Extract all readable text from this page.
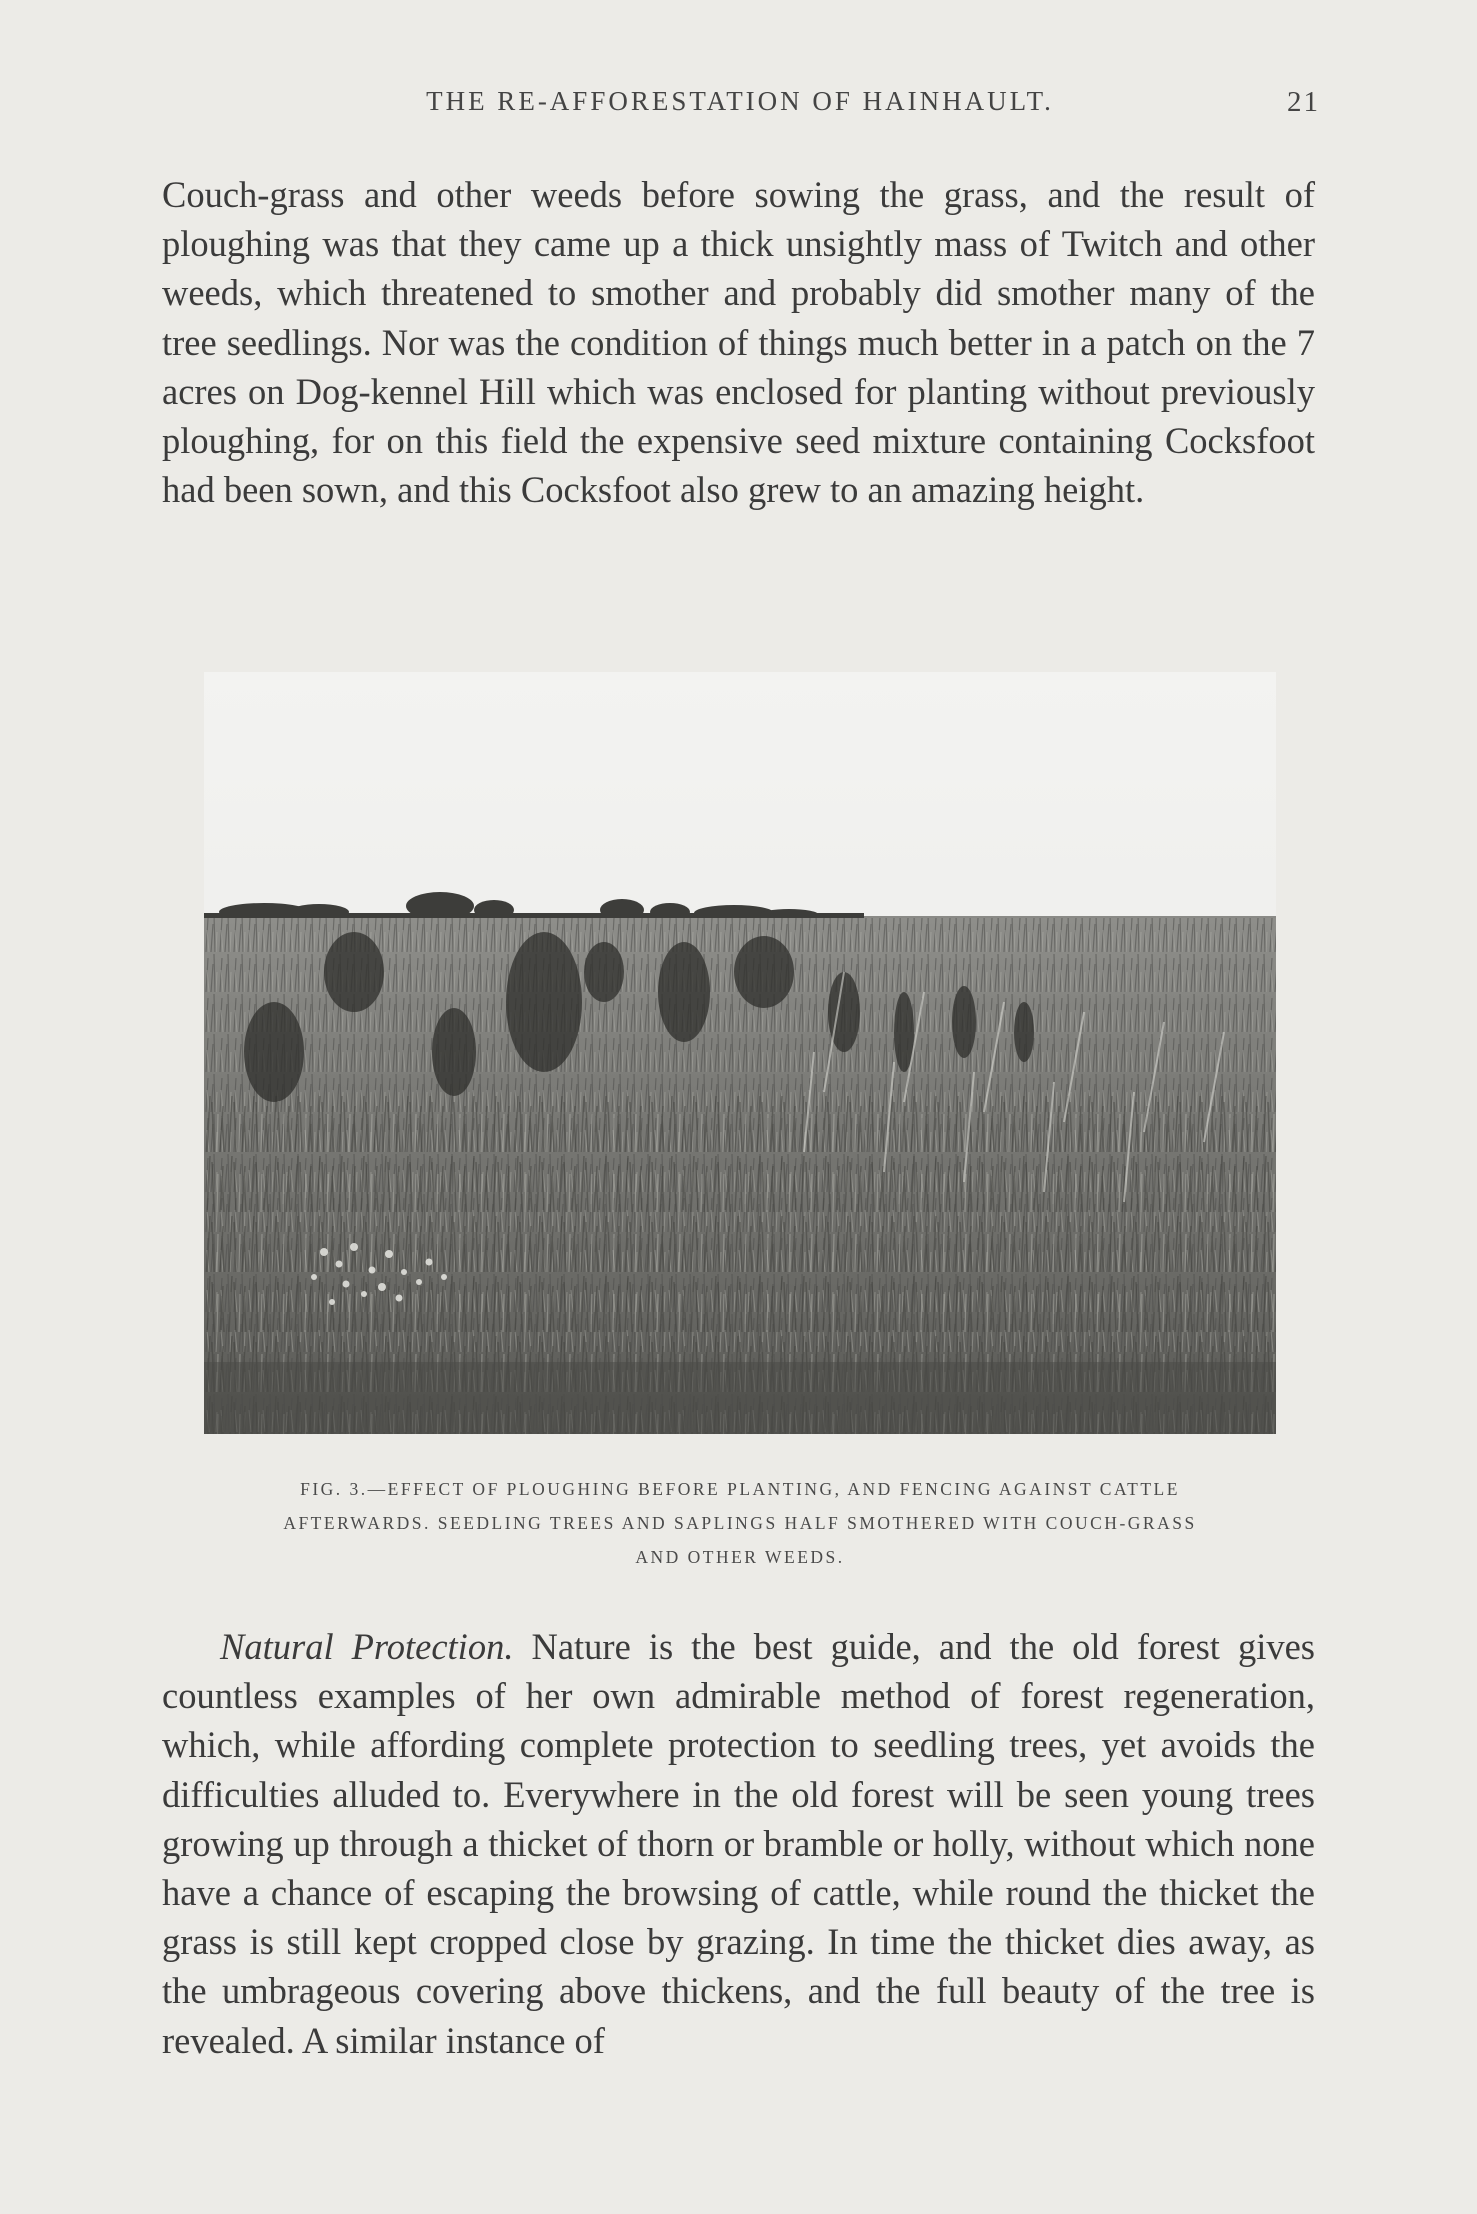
THE RE-AFFORESTATION OF HAINHAULT.	21

Couch-grass and other weeds before sowing the grass, and the result of ploughing was that they came up a thick unsightly mass of Twitch and other weeds, which threatened to smother and probably did smother many of the tree seedlings. Nor was the condition of things much better in a patch on the 7 acres on Dog-kennel Hill which was enclosed for planting without previously ploughing, for on this field the expensive seed mixture containing Cocksfoot had been sown, and this Cocksfoot also grew to an amazing height.

FIG. 3.—EFFECT OF PLOUGHING BEFORE PLANTING, AND FENCING AGAINST CATTLE
AFTERWARDS. SEEDLING TREES AND SAPLINGS HALF SMOTHERED WITH COUCH-GRASS
AND OTHER WEEDS.

Natural Protection. Nature is the best guide, and the old forest gives countless examples of her own admirable method of forest regeneration, which, while affording complete protection to seedling trees, yet avoids the difficulties alluded to. Everywhere in the old forest will be seen young trees growing up through a thicket of thorn or bramble or holly, without which none have a chance of escaping the browsing of cattle, while round the thicket the grass is still kept cropped close by grazing. In time the thicket dies away, as the umbrageous covering above thickens, and the full beauty of the tree is revealed. A similar instance of
